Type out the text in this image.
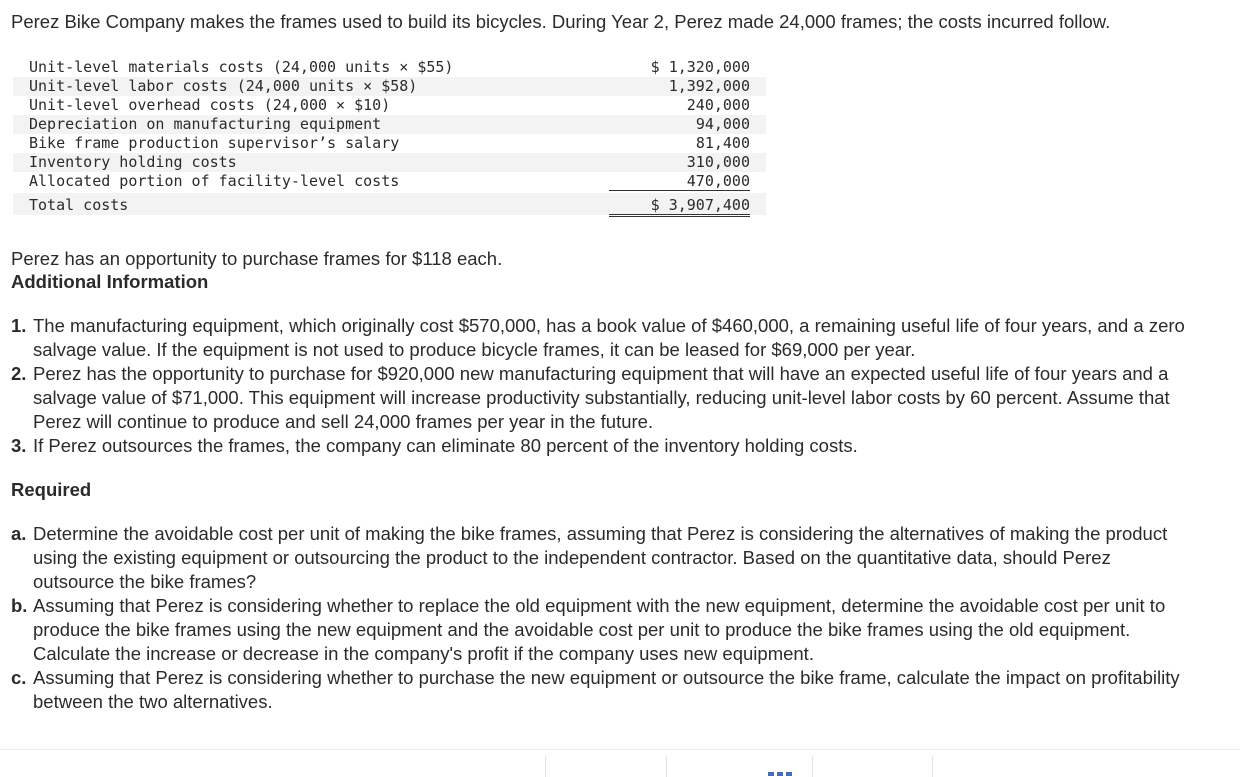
Perez Bike Company makes the frames used to build its bicycles. During Year 2, Perez made 24,000 frames; the costs incurred follow.
Unit-level materials costs (24,000 units × $55)	$ 1,320,000
Unit-level labor costs (24,000 units × $58)	1,392,000
Unit-level overhead costs (24,000 × $10)	240,000
Depreciation on manufacturing equipment	94,000
Bike frame production supervisor’s salary	81,400
Inventory holding costs	310,000
Allocated portion of facility-level costs	470,000
Total costs	$ 3,907,400
Perez has an opportunity to purchase frames for $118 each.
Additional Information
1. The manufacturing equipment, which originally cost $570,000, has a book value of $460,000, a remaining useful life of four years, and a zero salvage value. If the equipment is not used to produce bicycle frames, it can be leased for $69,000 per year.
2. Perez has the opportunity to purchase for $920,000 new manufacturing equipment that will have an expected useful life of four years and a salvage value of $71,000. This equipment will increase productivity substantially, reducing unit-level labor costs by 60 percent. Assume that Perez will continue to produce and sell 24,000 frames per year in the future.
3. If Perez outsources the frames, the company can eliminate 80 percent of the inventory holding costs.
Required
a. Determine the avoidable cost per unit of making the bike frames, assuming that Perez is considering the alternatives of making the product using the existing equipment or outsourcing the product to the independent contractor. Based on the quantitative data, should Perez outsource the bike frames?
b. Assuming that Perez is considering whether to replace the old equipment with the new equipment, determine the avoidable cost per unit to produce the bike frames using the new equipment and the avoidable cost per unit to produce the bike frames using the old equipment. Calculate the increase or decrease in the company's profit if the company uses new equipment.
c. Assuming that Perez is considering whether to purchase the new equipment or outsource the bike frame, calculate the impact on profitability between the two alternatives.
